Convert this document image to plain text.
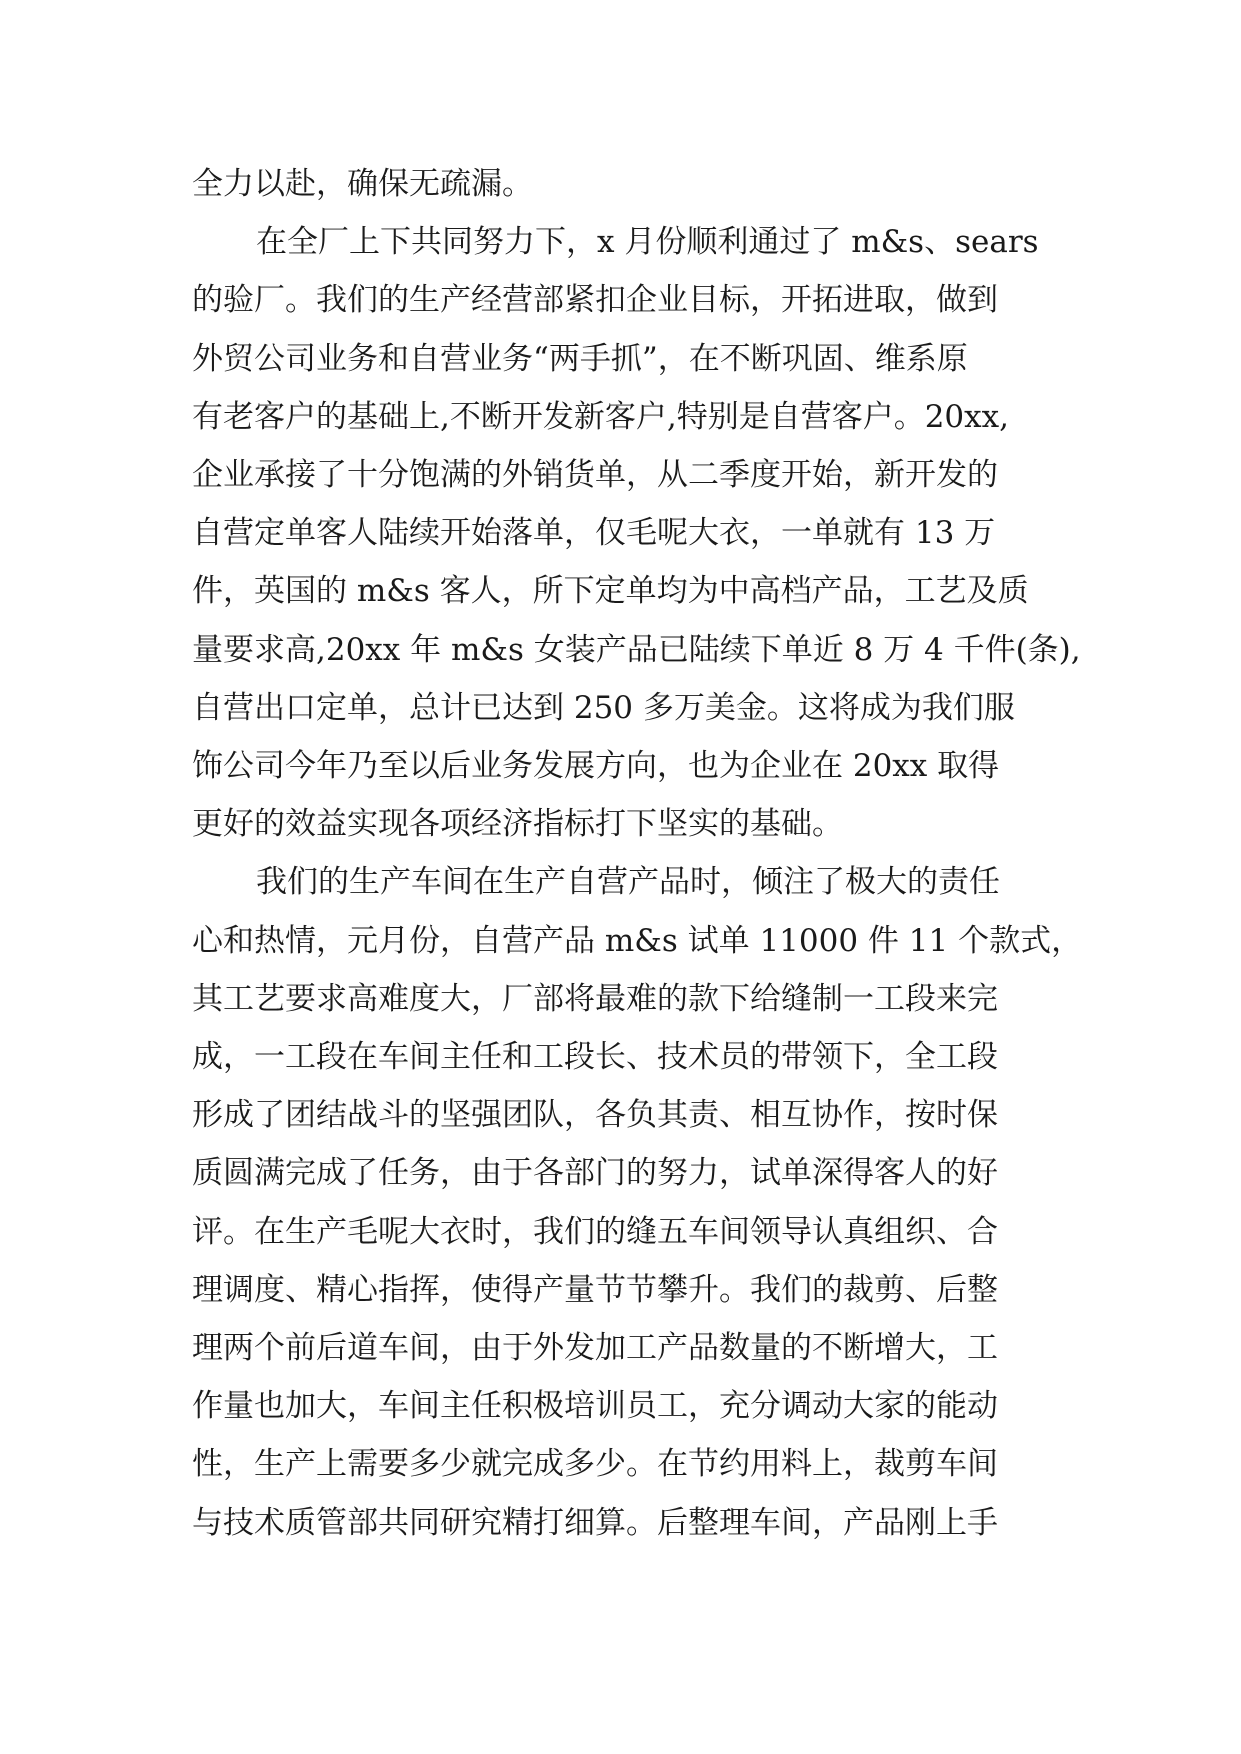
全力以赴，确保无疏漏。
在全厂上下共同努力下，x 月份顺利通过了 m&s、sears
的验厂。我们的生产经营部紧扣企业目标，开拓进取，做到
外贸公司业务和自营业务“两手抓”，在不断巩固、维系原
有老客户的基础上,不断开发新客户,特别是自营客户。20xx,
企业承接了十分饱满的外销货单，从二季度开始，新开发的
自营定单客人陆续开始落单，仅毛呢大衣，一单就有 13 万
件，英国的 m&s 客人，所下定单均为中高档产品，工艺及质
量要求高,20xx 年 m&s 女装产品已陆续下单近 8 万 4 千件(条),
自营出口定单，总计已达到 250 多万美金。这将成为我们服
饰公司今年乃至以后业务发展方向，也为企业在 20xx 取得
更好的效益实现各项经济指标打下坚实的基础。
我们的生产车间在生产自营产品时，倾注了极大的责任
心和热情，元月份，自营产品 m&s 试单 11000 件 11 个款式，
其工艺要求高难度大，厂部将最难的款下给缝制一工段来完
成，一工段在车间主任和工段长、技术员的带领下，全工段
形成了团结战斗的坚强团队，各负其责、相互协作，按时保
质圆满完成了任务，由于各部门的努力，试单深得客人的好
评。在生产毛呢大衣时，我们的缝五车间领导认真组织、合
理调度、精心指挥，使得产量节节攀升。我们的裁剪、后整
理两个前后道车间，由于外发加工产品数量的不断增大，工
作量也加大，车间主任积极培训员工，充分调动大家的能动
性，生产上需要多少就完成多少。在节约用料上，裁剪车间
与技术质管部共同研究精打细算。后整理车间，产品刚上手
